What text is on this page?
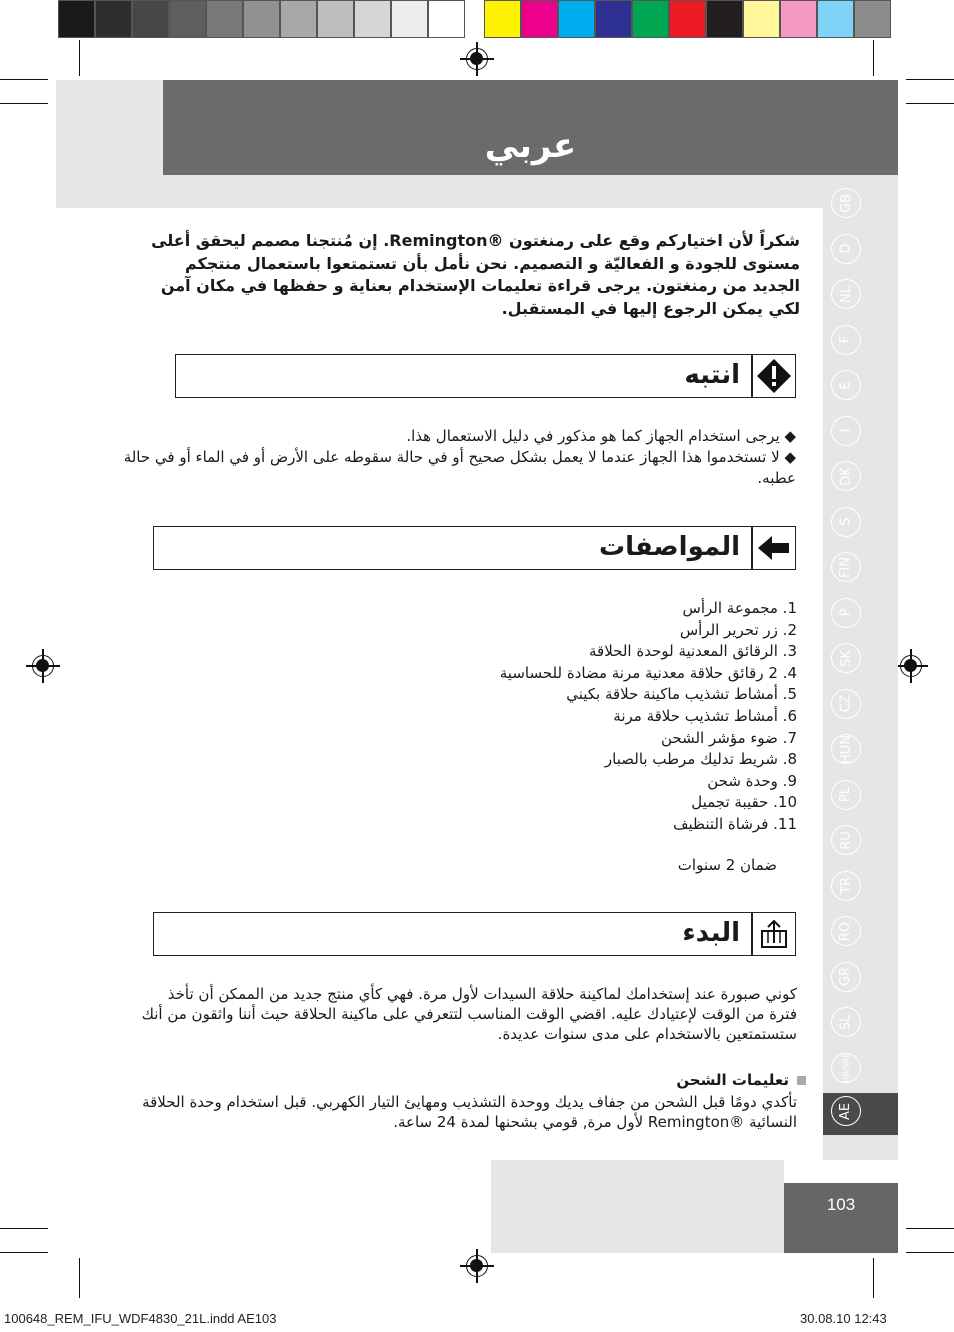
عربي
GB
D
NL
F
E
I
DK
S
FIN
P
SK
CZ
HUN
PL
RU
TR
RO
GR
SL
HR/SRB
AE
103
شكراً لأن اختياركم وقع على رمنغتون ®Remington. إن مُنتجنا مصمم ليحقق أعلى مستوى للجودة و الفعاليّة و التصميم. نحن نأمل بأن تستمتعوا باستعمال منتجكم الجديد من رمنغتون. يرجى قراءة تعليمات الإستخدام بعناية و حفظها في مكان آمن لكي يمكن الرجوع إليها في المستقبل.
انتبه
◆ يرجى استخدام الجهاز كما هو مذكور في دليل الاستعمال هذا.
◆ لا تستخدموا هذا الجهاز عندما لا يعمل بشكل صحيح أو في حالة سقوطه على الأرض أو في الماء أو في حالة عطبه.
المواصفات
1. مجموعة الرأس
2. زر تحرير الرأس
3. الرقائق المعدنية لوحدة الحلاقة
4. 2 رقائق حلاقة معدنية مرنة مضادة للحساسية
5. أمشاط تشذيب ماكينة حلاقة بكيني
6. أمشاط تشذيب حلاقة مرنة
7. ضوء مؤشر الشحن
8. شريط تدليك مرطب بالصبار
9. وحدة شحن
10. حقيبة تجميل
11. فرشاة التنظيف
ضمان 2 سنوات
البدء
كوني صبورة عند إستخدامك لماكينة حلاقة السيدات لأول مرة. فهي كأي منتج جديد من الممكن أن تأخذ فترة من الوقت لإعتيادك عليه. اقضي الوقت المناسب لتتعرفي على ماكينة الحلاقة حيث أننا واثقون من أنك ستستمتعين بالاستخدام على مدى سنوات عديدة.
تعليمات الشحن
تأكدي دومًا قبل الشحن من جفاف يديك ووحدة التشذيب ومهايئ التيار الكهربي. قبل استخدام وحدة الحلاقة النسائية ®Remington لأول مرة, قومي بشحنها لمدة 24 ساعة.
100648_REM_IFU_WDF4830_21L.indd AE103	30.08.10 12:43
